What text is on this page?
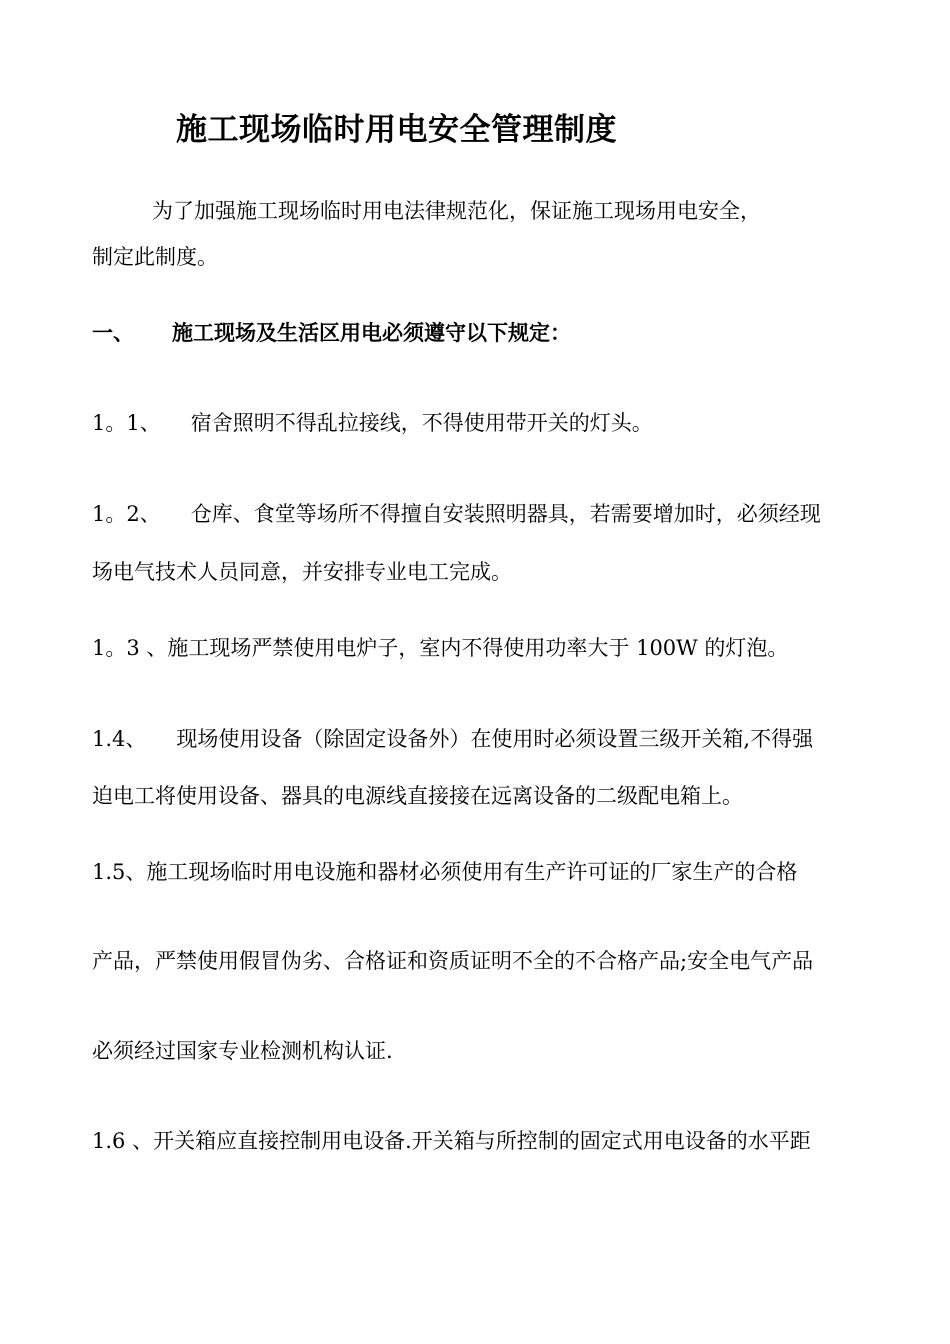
施工现场临时用电安全管理制度
为了加强施工现场临时用电法律规范化，保证施工现场用电安全，
制定此制度。
一、 施工现场及生活区用电必须遵守以下规定：
1。1、 宿舍照明不得乱拉接线，不得使用带开关的灯头。
1。2、 仓库、食堂等场所不得擅自安装照明器具，若需要增加时，必须经现
场电气技术人员同意，并安排专业电工完成。
1。3 、施工现场严禁使用电炉子，室内不得使用功率大于 100W 的灯泡。
1.4、 现场使用设备（除固定设备外）在使用时必须设置三级开关箱,不得强
迫电工将使用设备、器具的电源线直接接在远离设备的二级配电箱上。
1.5、施工现场临时用电设施和器材必须使用有生产许可证的厂家生产的合格
产品，严禁使用假冒伪劣、合格证和资质证明不全的不合格产品;安全电气产品
必须经过国家专业检测机构认证.
1.6 、开关箱应直接控制用电设备.开关箱与所控制的固定式用电设备的水平距
